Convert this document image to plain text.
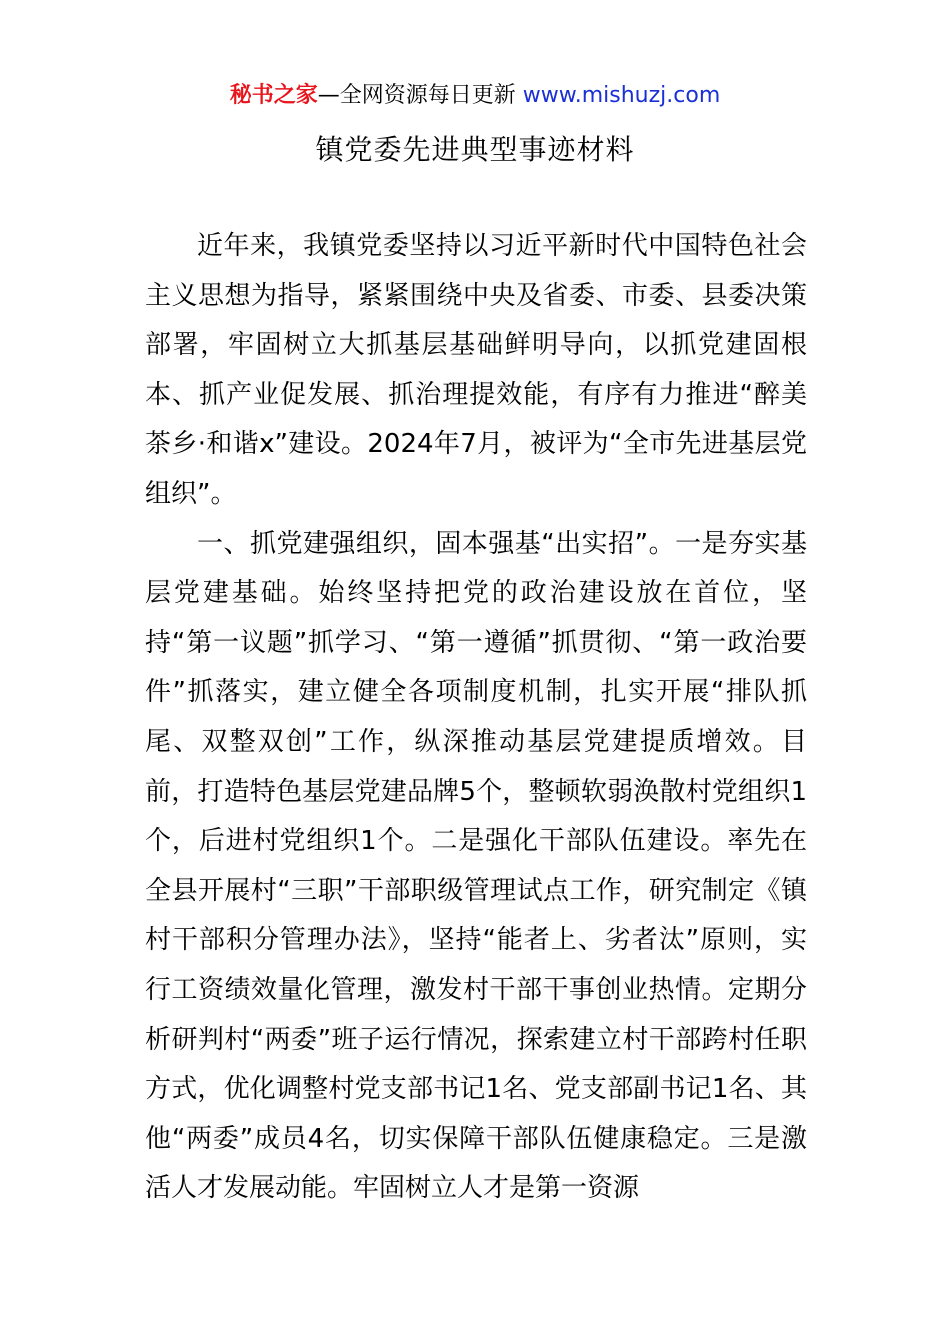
秘书之家—全网资源每日更新 www.mishuzj.com
镇党委先进典型事迹材料

近年来，我镇党委坚持以习近平新时代中国特色社会主义思想为指导，紧紧围绕中央及省委、市委、县委决策部署，牢固树立大抓基层基础鲜明导向，以抓党建固根本、抓产业促发展、抓治理提效能，有序有力推进“醉美茶乡·和谐x”建设。2024年7月，被评为“全市先进基层党组织”。

一、抓党建强组织，固本强基“出实招”。一是夯实基层党建基础。始终坚持把党的政治建设放在首位，坚持“第一议题”抓学习、“第一遵循”抓贯彻、“第一政治要件”抓落实，建立健全各项制度机制，扎实开展“排队抓尾、双整双创”工作，纵深推动基层党建提质增效。目前，打造特色基层党建品牌5个，整顿软弱涣散村党组织1个，后进村党组织1个。二是强化干部队伍建设。率先在全县开展村“三职”干部职级管理试点工作，研究制定《镇村干部积分管理办法》，坚持“能者上、劣者汰”原则，实行工资绩效量化管理，激发村干部干事创业热情。定期分析研判村“两委”班子运行情况，探索建立村干部跨村任职方式，优化调整村党支部书记1名、党支部副书记1名、其他“两委”成员4名，切实保障干部队伍健康稳定。三是激活人才发展动能。牢固树立人才是第一资源
